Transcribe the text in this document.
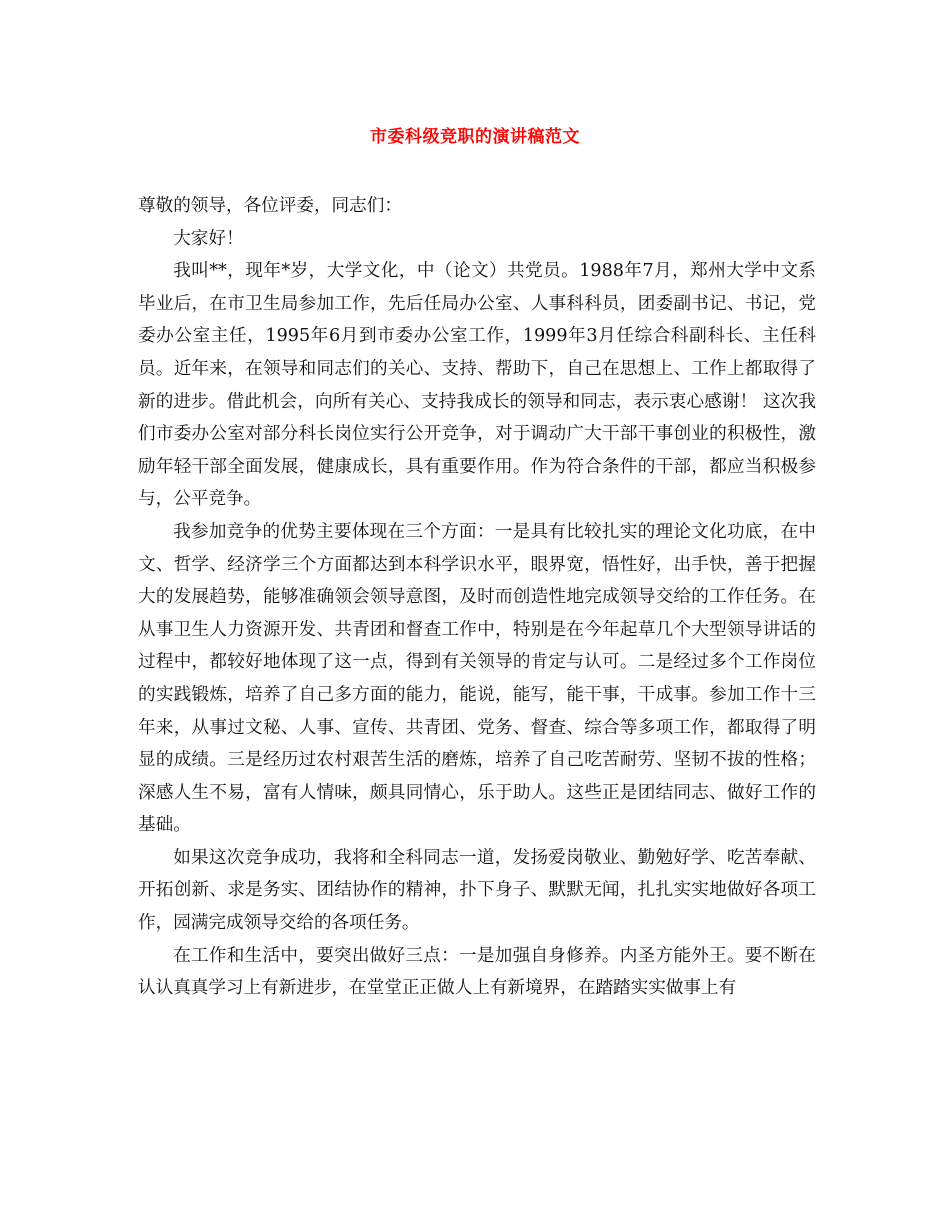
市委科级竞职的演讲稿范文

尊敬的领导，各位评委，同志们：

大家好！

我叫**，现年*岁，大学文化，中（论文）共党员。1988年7月，郑州大学中文系毕业后，在市卫生局参加工作，先后任局办公室、人事科科员，团委副书记、书记，党委办公室主任，1995年6月到市委办公室工作，1999年3月任综合科副科长、主任科员。近年来，在领导和同志们的关心、支持、帮助下，自己在思想上、工作上都取得了新的进步。借此机会，向所有关心、支持我成长的领导和同志，表示衷心感谢！ 这次我们市委办公室对部分科长岗位实行公开竞争，对于调动广大干部干事创业的积极性，激励年轻干部全面发展，健康成长，具有重要作用。作为符合条件的干部，都应当积极参与，公平竞争。

我参加竞争的优势主要体现在三个方面：一是具有比较扎实的理论文化功底，在中文、哲学、经济学三个方面都达到本科学识水平，眼界宽，悟性好，出手快，善于把握大的发展趋势，能够准确领会领导意图，及时而创造性地完成领导交给的工作任务。在从事卫生人力资源开发、共青团和督查工作中，特别是在今年起草几个大型领导讲话的过程中，都较好地体现了这一点，得到有关领导的肯定与认可。二是经过多个工作岗位的实践锻炼，培养了自己多方面的能力，能说，能写，能干事，干成事。参加工作十三年来，从事过文秘、人事、宣传、共青团、党务、督查、综合等多项工作，都取得了明显的成绩。三是经历过农村艰苦生活的磨炼，培养了自己吃苦耐劳、坚韧不拔的性格；深感人生不易，富有人情味，颇具同情心，乐于助人。这些正是团结同志、做好工作的基础。

如果这次竞争成功，我将和全科同志一道，发扬爱岗敬业、勤勉好学、吃苦奉献、开拓创新、求是务实、团结协作的精神，扑下身子、默默无闻，扎扎实实地做好各项工作，园满完成领导交给的各项任务。

在工作和生活中，要突出做好三点：一是加强自身修养。内圣方能外王。要不断在认认真真学习上有新进步，在堂堂正正做人上有新境界，在踏踏实实做事上有
